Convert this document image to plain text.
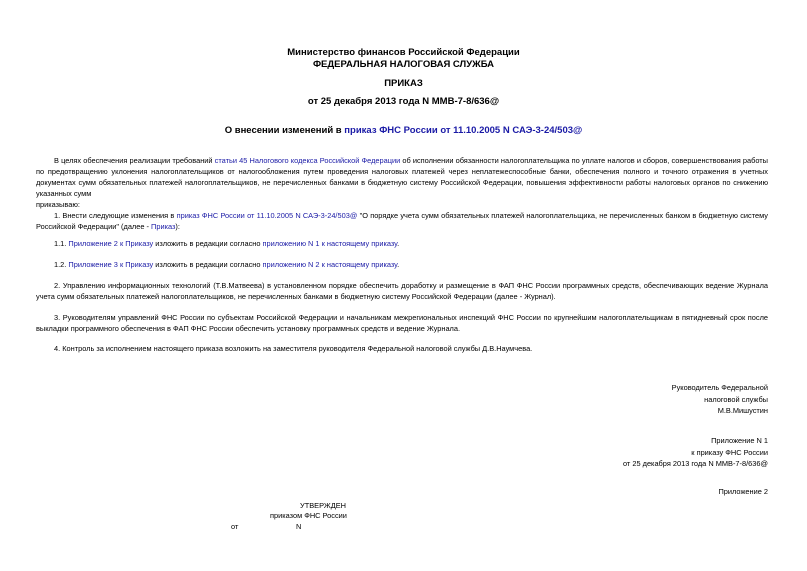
Министерство финансов Российской Федерации
ФЕДЕРАЛЬНАЯ НАЛОГОВАЯ СЛУЖБА
ПРИКАЗ
от 25 декабря 2013 года N ММВ-7-8/636@
О внесении изменений в приказ ФНС России от 11.10.2005 N САЭ-3-24/503@
В целях обеспечения реализации требований статьи 45 Налогового кодекса Российской Федерации об исполнении обязанности налогоплательщика по уплате налогов и сборов, совершенствования работы по предотвращению уклонения налогоплательщиков от налогообложения путем проведения налоговых платежей через неплатежеспособные банки, обеспечения полного и точного отражения в учетных документах сумм обязательных платежей налогоплательщиков, не перечисленных банками в бюджетную систему Российской Федерации, повышения эффективности работы налоговых органов по снижению указанных сумм
приказываю:
1. Внести следующие изменения в приказ ФНС России от 11.10.2005 N САЭ-3-24/503@ "О порядке учета сумм обязательных платежей налогоплательщика, не перечисленных банком в бюджетную систему Российской Федерации" (далее - Приказ):
1.1. Приложение 2 к Приказу изложить в редакции согласно приложению N 1 к настоящему приказу.
1.2. Приложение 3 к Приказу изложить в редакции согласно приложению N 2 к настоящему приказу.
2. Управлению информационных технологий (Т.В.Матвеева) в установленном порядке обеспечить доработку и размещение в ФАП ФНС России программных средств, обеспечивающих ведение Журнала учета сумм обязательных платежей налогоплательщиков, не перечисленных банками в бюджетную систему Российской Федерации (далее - Журнал).
3. Руководителям управлений ФНС России по субъектам Российской Федерации и начальникам межрегиональных инспекций ФНС России по крупнейшим налогоплательщикам в пятидневный срок после выкладки программного обеспечения в ФАП ФНС России обеспечить установку программных средств и ведение Журнала.
4. Контроль за исполнением настоящего приказа возложить на заместителя руководителя Федеральной налоговой службы Д.В.Наумчева.
Руководитель Федеральной
налоговой службы
М.В.Мишустин
Приложение N 1
к приказу ФНС России
от 25 декабря 2013 года N ММВ-7-8/636@
Приложение 2
УТВЕРЖДЕН
приказом ФНС России
от	N
